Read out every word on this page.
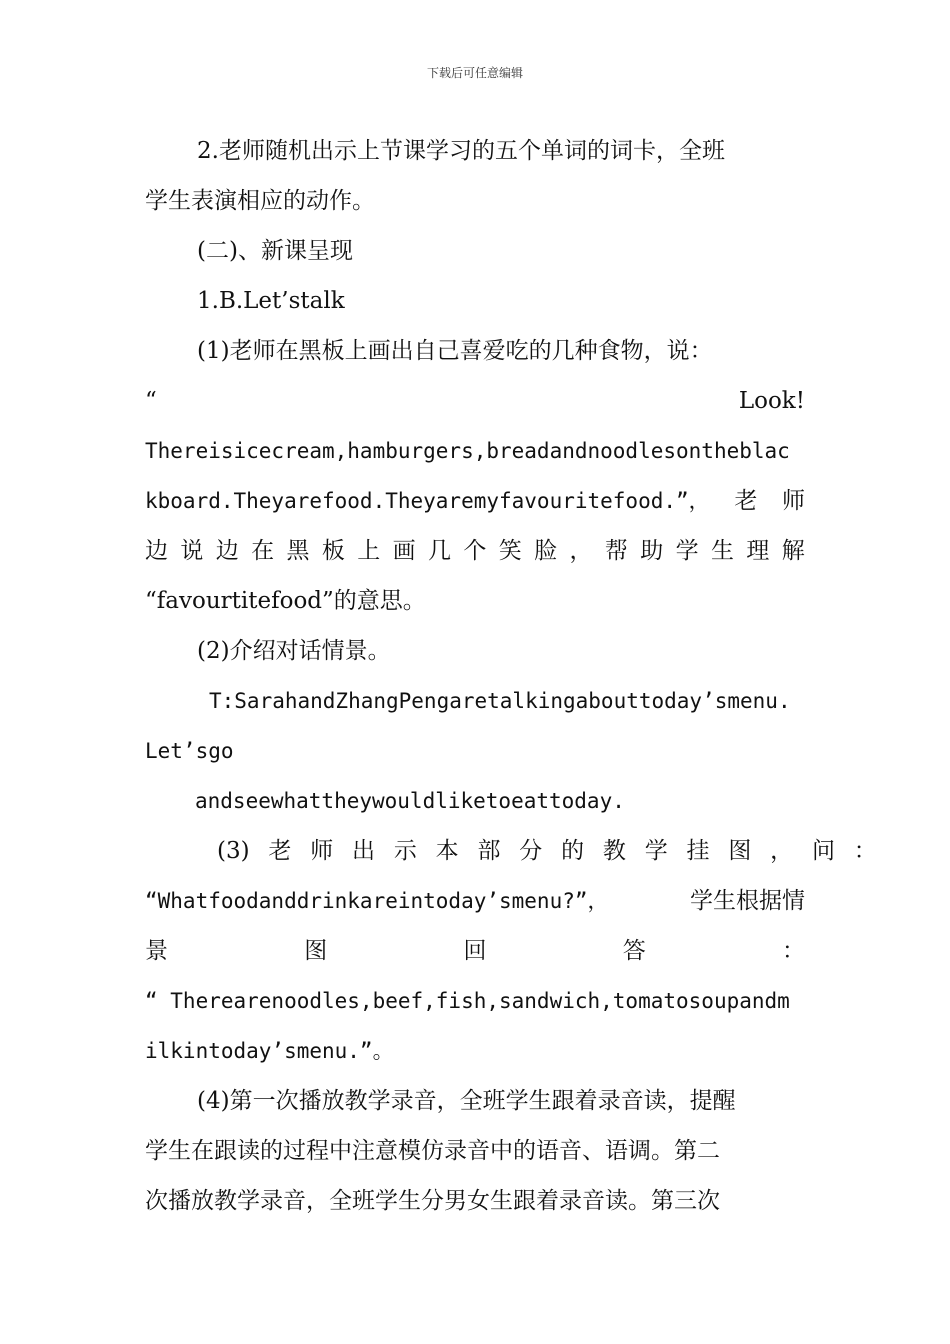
下载后可任意编辑
2.老师随机出示上节课学习的五个单词的词卡，全班
学生表演相应的动作。
(二)、新课呈现
1.B.Let’stalk
(1)老师在黑板上画出自己喜爱吃的几种食物，说：
“	Look!
Thereisicecream,hamburgers,breadandnoodlesontheblac
kboard.Theyarefood.Theyaremyfavouritefood.”， 老 师
边 说 边 在 黑 板 上 画 几 个 笑 脸 ， 帮 助 学 生 理 解
“favourtitefood”的意思。
(2)介绍对话情景。
T:SarahandZhangPengaretalkingabouttoday’smenu.
Let’sgo
andseewhattheywouldliketoeattoday.
(3) 老 师 出 示 本 部 分 的 教 学 挂 图 ， 问 ：
“Whatfoodanddrinkareintoday’smenu?”，	学生根据情
景	图	回	答	：
“ Therearenoodles,beef,fish,sandwich,tomatosoupandm
ilkintoday’smenu.”。
(4)第一次播放教学录音，全班学生跟着录音读，提醒
学生在跟读的过程中注意模仿录音中的语音、语调。第二
次播放教学录音，全班学生分男女生跟着录音读。第三次
